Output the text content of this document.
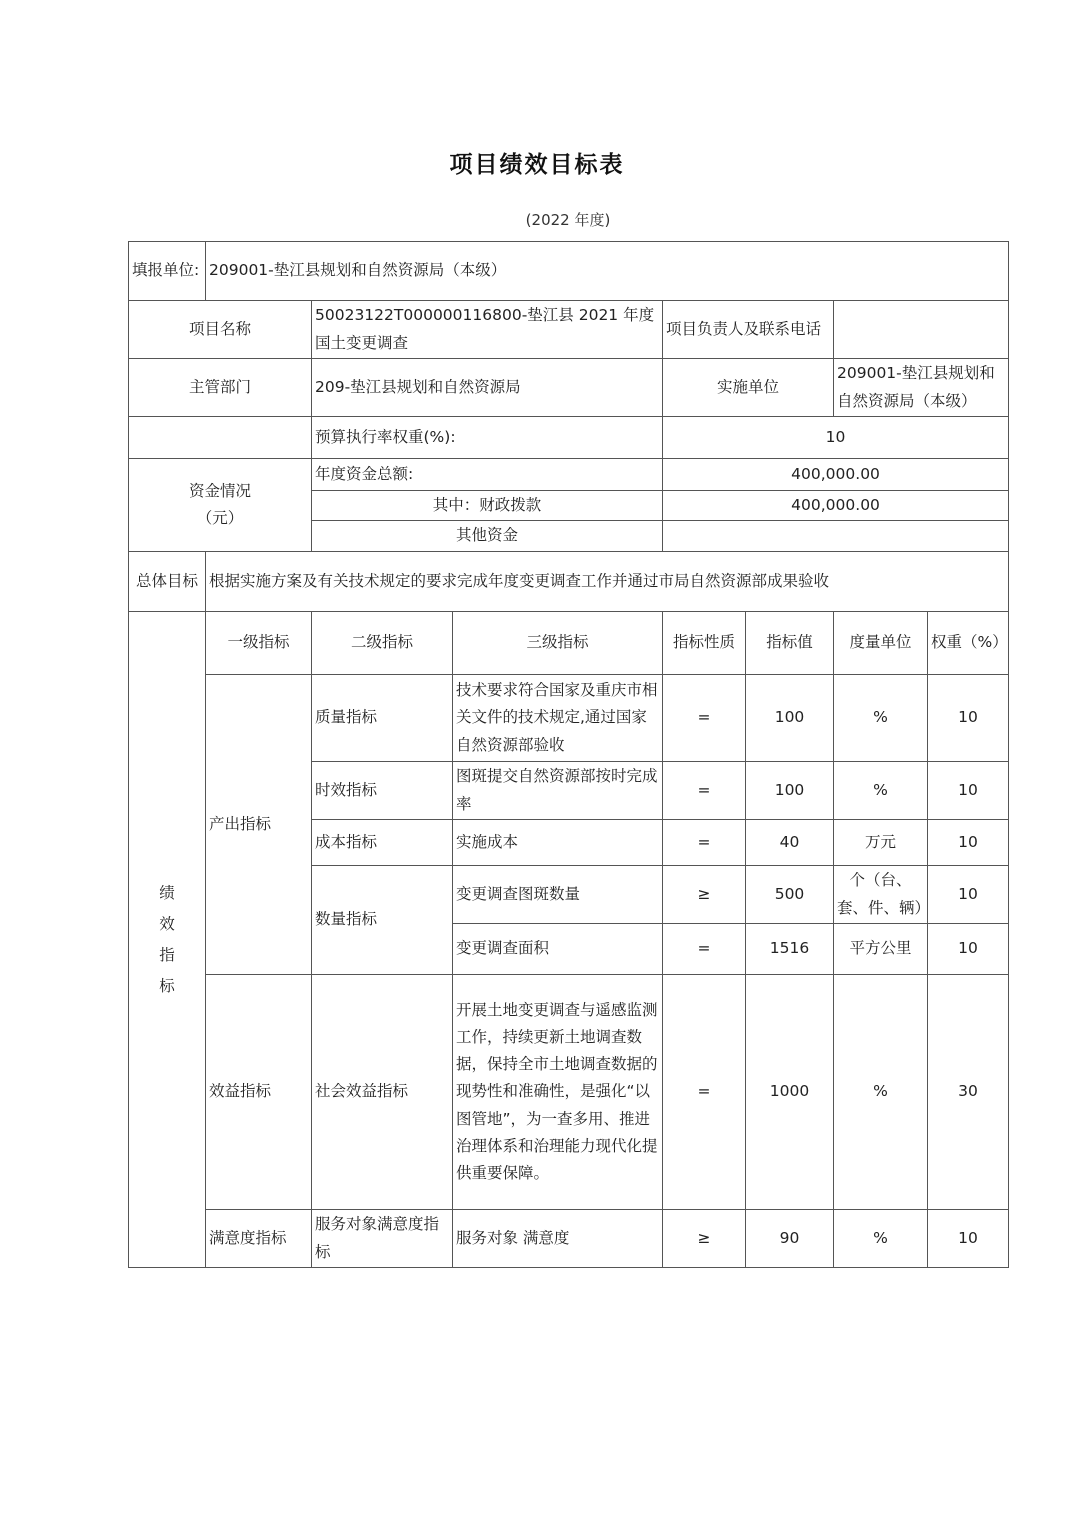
项目绩效目标表
(2022 年度)
填报单位:	209001-垫江县规划和自然资源局（本级）						
项目名称		50023122T000000116800-垫江县 2021 年度国土变更调查		项目负责人及联系电话			
主管部门		209-垫江县规划和自然资源局		实施单位		209001-垫江县规划和自然资源局（本级）	
		预算执行率权重(%):		10			

资金情况
（元）		年度资金总额:		400,000.00			
		其中：财政拨款		400,000.00			
		其他资金					
总体目标	根据实施方案及有关技术规定的要求完成年度变更调查工作并通过市局自然资源部成果验收						

绩
效
指
标	一级指标	二级指标	三级指标	指标性质	指标值	度量单位	权重（%）
	产出指标	质量指标	技术要求符合国家及重庆市相关文件的技术规定,通过国家自然资源部验收	=	100	%	10
		时效指标	图斑提交自然资源部按时完成率	=	100	%	10
		成本指标	实施成本	=	40	万元	10
		数量指标	变更调查图斑数量	≥	500	个（台、套、件、辆）	10
			变更调查面积	=	1516	平方公里	10
	效益指标	社会效益指标	开展土地变更调查与遥感监测工作，持续更新土地调查数据，保持全市土地调查数据的现势性和准确性，是强化“以图管地”，为一查多用、推进治理体系和治理能力现代化提供重要保障。	=	1000	%	30
	满意度指标	服务对象满意度指标	服务对象 满意度	≥	90	%	10
